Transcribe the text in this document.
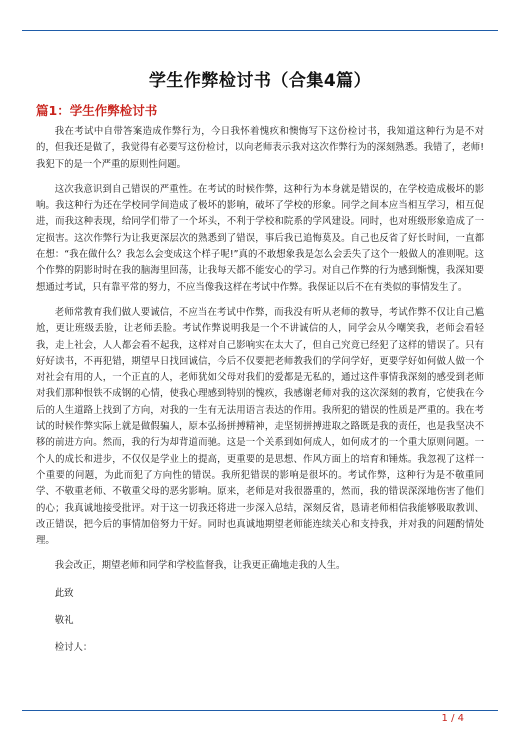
学生作弊检讨书（合集4篇）
篇1：学生作弊检讨书

我在考试中自带答案造成作弊行为，今日我怀着愧疚和懊悔写下这份检讨书，我知道这种行为是不对的，但我还是做了，我觉得有必要写这份检讨，以向老师表示我对这次作弊行为的深刻熟悉。我错了，老师!我犯下的是一个严重的原则性问题。

这次我意识到自己错误的严重性。在考试的时候作弊，这种行为本身就是错误的，在学校造成极坏的影响。我这种行为还在学校同学间造成了极坏的影响，破坏了学校的形象。同学之间本应当相互学习，相互促进，而我这种表现，给同学们带了一个坏头，不利于学校和院系的学风建设。同时，也对班级形象造成了一定损害。这次作弊行为让我更深层次的熟悉到了错误，事后我已追悔莫及。自己也反省了好长时间，一直都在想：“我在做什么？我怎么会变成这个样子呢!”真的不敢想象我是怎么会丢失了这个一般做人的准则呢。这个作弊的阴影时时在我的脑海里回荡，让我每天都不能安心的学习。对自己作弊的行为感到惭愧，我深知要想通过考试，只有靠平常的努力，不应当像我这样在考试中作弊。我保证以后不在有类似的事情发生了。

老师常教育我们做人要诚信，不应当在考试中作弊，而我没有听从老师的教导，考试作弊不仅让自己尴尬，更让班级丢脸，让老师丢脸。考试作弊说明我是一个不讲诚信的人，同学会从今嘲笑我，老师会看轻我，走上社会，人人都会看不起我，这样对自己影响实在太大了，但自己究竟已经犯了这样的错误了。只有好好读书，不再犯错，期望早日找回诚信，今后不仅要把老师教我们的学问学好，更要学好如何做人做一个对社会有用的人，一个正直的人，老师犹如父母对我们的爱都是无私的，通过这件事情我深刻的感受到老师对我们那种恨铁不成钢的心情，使我心理感到特别的愧疚，我感谢老师对我的这次深刻的教育，它使我在今后的人生道路上找到了方向，对我的一生有无法用语言表达的作用。我所犯的错误的性质是严重的。我在考试的时候作弊实际上就是做假骗人，原本弘扬拼搏精神，走坚韧拼搏进取之路既是我的责任，也是我坚决不移的前进方向。然而，我的行为却背道而驰。这是一个关系到如何成人，如何成才的一个重大原则问题。一个人的成长和进步，不仅仅是学业上的提高，更重要的是思想、作风方面上的培育和锤炼。我忽视了这样一个重要的问题，为此而犯了方向性的错误。我所犯错误的影响是很坏的。考试作弊，这种行为是不敬重同学、不敬重老师、不敬重父母的恶劣影响。原来，老师是对我很器重的，然而，我的错误深深地伤害了他们的心；我真诚地接受批评。对于这一切我还将进一步深入总结，深刻反省，恳请老师相信我能够吸取教训、改正错误，把今后的事情加倍努力干好。同时也真诚地期望老师能连续关心和支持我，并对我的问题酌情处理。

我会改正，期望老师和同学和学校监督我，让我更正确地走我的人生。

此致

敬礼

检讨人：

1 / 4
